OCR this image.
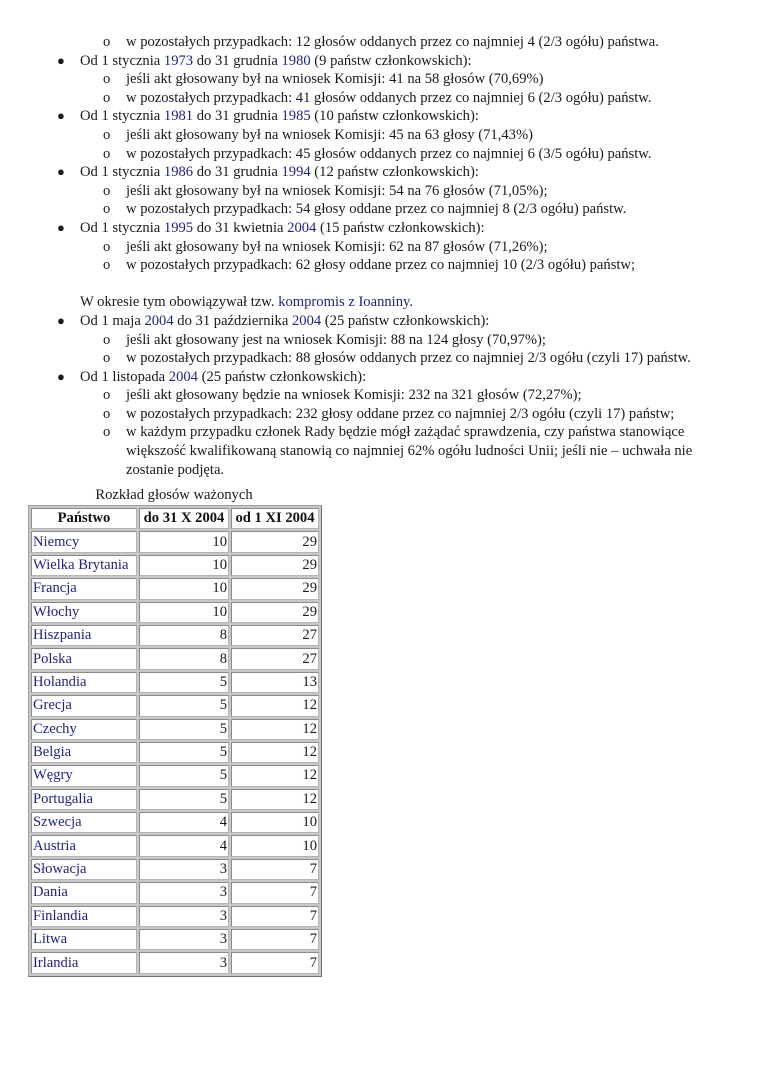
o w pozostałych przypadkach: 12 głosów oddanych przez co najmniej 4 (2/3 ogółu) państwa.
● Od 1 stycznia 1973 do 31 grudnia 1980 (9 państw członkowskich):
o jeśli akt głosowany był na wniosek Komisji: 41 na 58 głosów (70,69%)
o w pozostałych przypadkach: 41 głosów oddanych przez co najmniej 6 (2/3 ogółu) państw.
● Od 1 stycznia 1981 do 31 grudnia 1985 (10 państw członkowskich):
o jeśli akt głosowany był na wniosek Komisji: 45 na 63 głosy (71,43%)
o w pozostałych przypadkach: 45 głosów oddanych przez co najmniej 6 (3/5 ogółu) państw.
● Od 1 stycznia 1986 do 31 grudnia 1994 (12 państw członkowskich):
o jeśli akt głosowany był na wniosek Komisji: 54 na 76 głosów (71,05%);
o w pozostałych przypadkach: 54 głosy oddane przez co najmniej 8 (2/3 ogółu) państw.
● Od 1 stycznia 1995 do 31 kwietnia 2004 (15 państw członkowskich):
o jeśli akt głosowany był na wniosek Komisji: 62 na 87 głosów (71,26%);
o w pozostałych przypadkach: 62 głosy oddane przez co najmniej 10 (2/3 ogółu) państw;
W okresie tym obowiązywał tzw. kompromis z Ioanniny.
● Od 1 maja 2004 do 31 października 2004 (25 państw członkowskich):
o jeśli akt głosowany jest na wniosek Komisji: 88 na 124 głosy (70,97%);
o w pozostałych przypadkach: 88 głosów oddanych przez co najmniej 2/3 ogółu (czyli 17) państw.
● Od 1 listopada 2004 (25 państw członkowskich):
o jeśli akt głosowany będzie na wniosek Komisji: 232 na 321 głosów (72,27%);
o w pozostałych przypadkach: 232 głosy oddane przez co najmniej 2/3 ogółu (czyli 17) państw;
o w każdym przypadku członek Rady będzie mógł zażądać sprawdzenia, czy państwa stanowiące
większość kwalifikowaną stanowią co najmniej 62% ogółu ludności Unii; jeśli nie – uchwała nie
zostanie podjęta.
Rozkład głosów ważonych
Państwo	do 31 X 2004	od 1 XI 2004
Niemcy	10	29
Wielka Brytania	10	29
Francja	10	29
Włochy	10	29
Hiszpania	8	27
Polska	8	27
Holandia	5	13
Grecja	5	12
Czechy	5	12
Belgia	5	12
Węgry	5	12
Portugalia	5	12
Szwecja	4	10
Austria	4	10
Słowacja	3	7
Dania	3	7
Finlandia	3	7
Litwa	3	7
Irlandia	3	7
